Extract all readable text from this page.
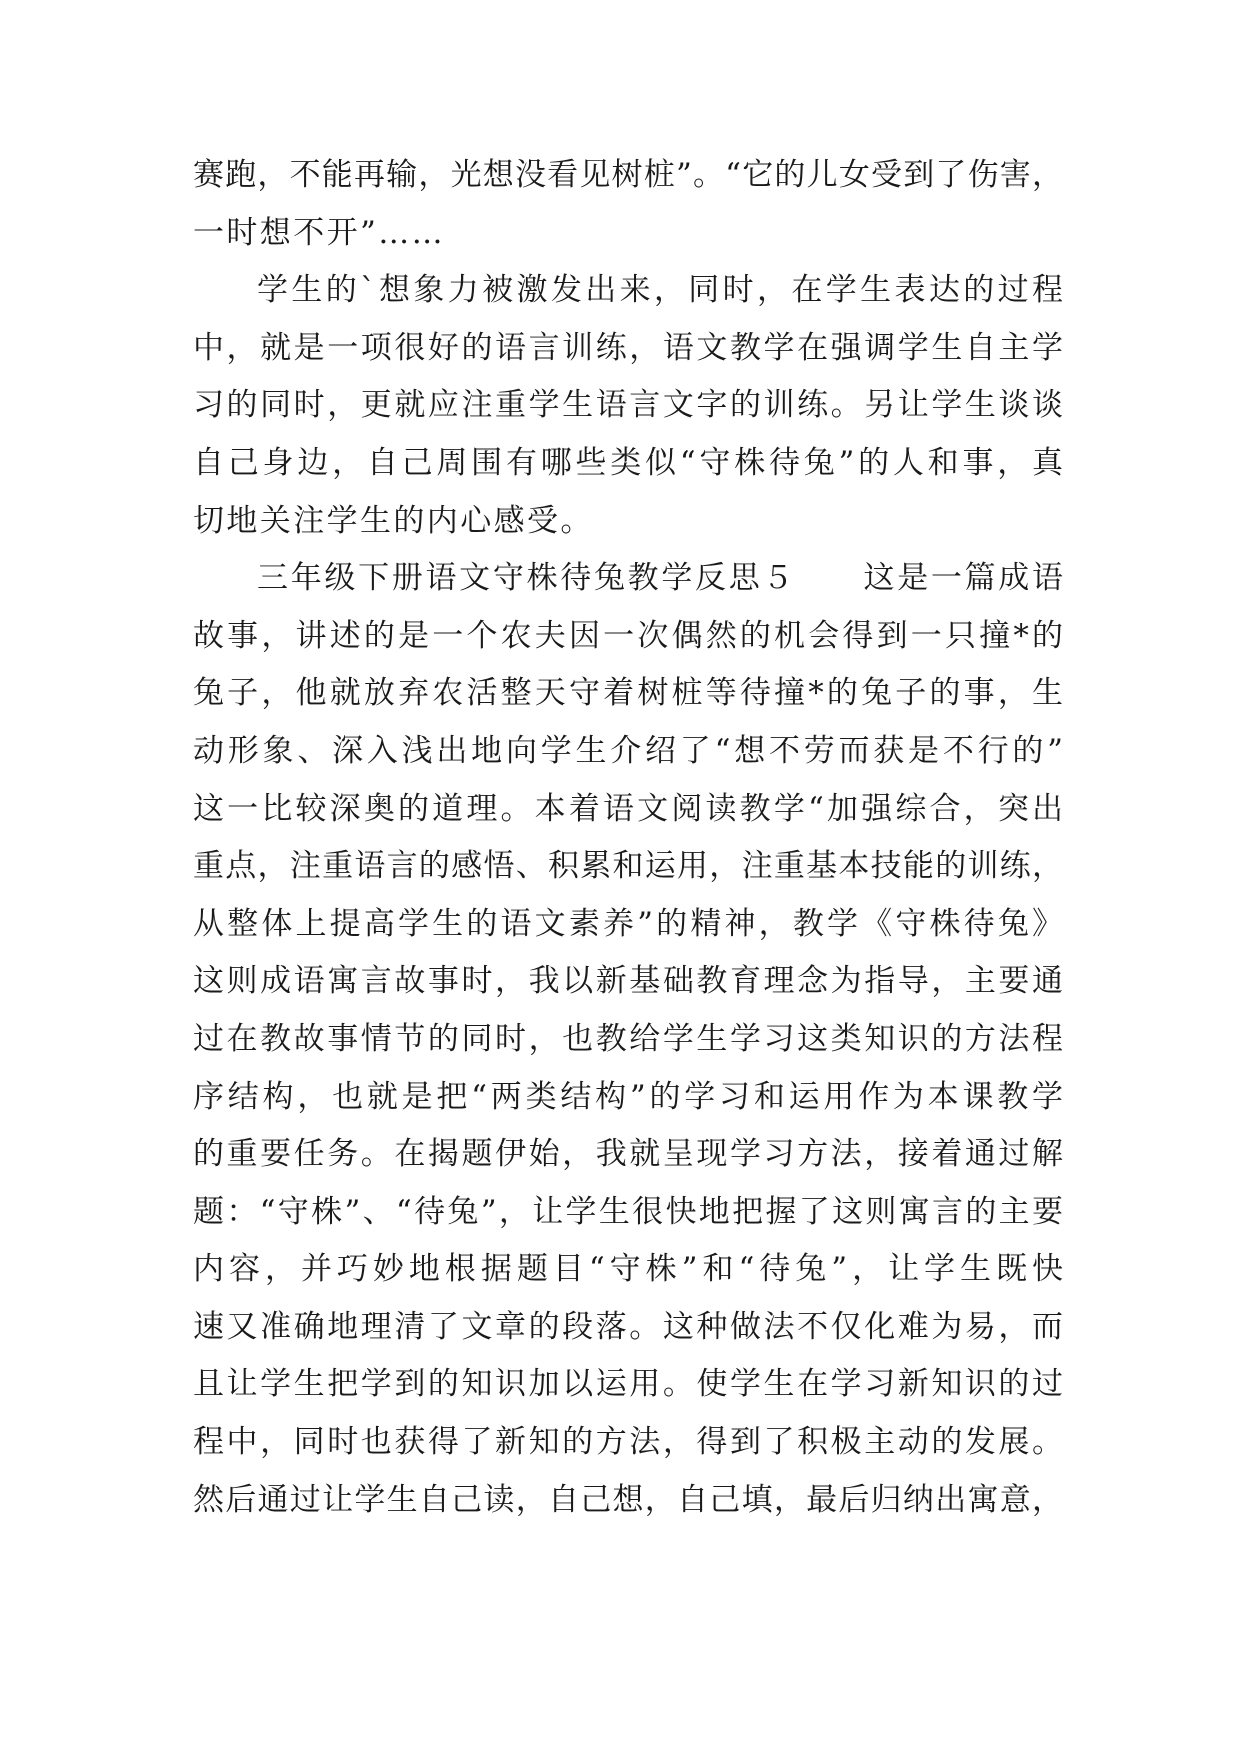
赛跑，不能再输，光想没看见树桩”。“它的儿女受到了伤害，
一时想不开”……
学生的`想象力被激发出来，同时，在学生表达的过程
中，就是一项很好的语言训练，语文教学在强调学生自主学
习的同时，更就应注重学生语言文字的训练。另让学生谈谈
自己身边，自己周围有哪些类似“守株待兔”的人和事，真
切地关注学生的内心感受。
三年级下册语文守株待兔教学反思５　　这是一篇成语
故事，讲述的是一个农夫因一次偶然的机会得到一只撞*的
兔子，他就放弃农活整天守着树桩等待撞*的兔子的事，生
动形象、深入浅出地向学生介绍了“想不劳而获是不行的”
这一比较深奥的道理。本着语文阅读教学“加强综合，突出
重点，注重语言的感悟、积累和运用，注重基本技能的训练，
从整体上提高学生的语文素养”的精神，教学《守株待兔》
这则成语寓言故事时，我以新基础教育理念为指导，主要通
过在教故事情节的同时，也教给学生学习这类知识的方法程
序结构，也就是把“两类结构”的学习和运用作为本课教学
的重要任务。在揭题伊始，我就呈现学习方法，接着通过解
题：“守株”、“待兔”，让学生很快地把握了这则寓言的主要
内容，并巧妙地根据题目“守株”和“待兔”，让学生既快
速又准确地理清了文章的段落。这种做法不仅化难为易，而
且让学生把学到的知识加以运用。使学生在学习新知识的过
程中，同时也获得了新知的方法，得到了积极主动的发展。
然后通过让学生自己读，自己想，自己填，最后归纳出寓意，
